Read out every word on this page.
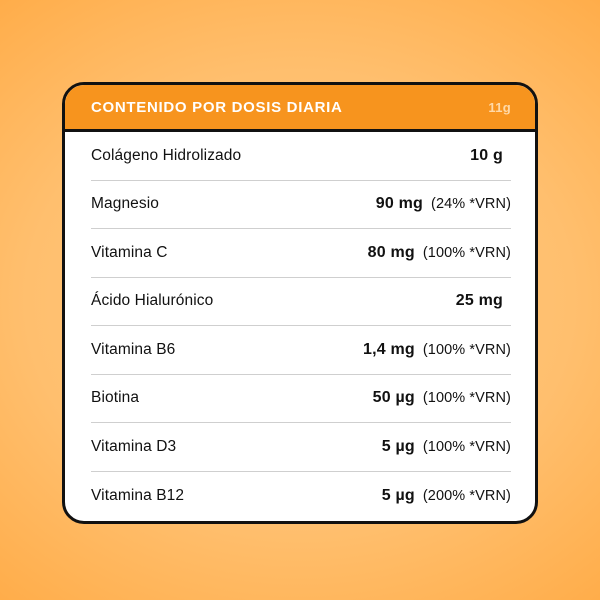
CONTENIDO POR DOSIS DIARIA	11g
Colágeno Hidrolizado	10 g
Magnesio	90 mg (24% *VRN)
Vitamina C	80 mg (100% *VRN)
Ácido Hialurónico	25 mg
Vitamina B6	1,4 mg (100% *VRN)
Biotina	50 µg (100% *VRN)
Vitamina D3	5 µg (100% *VRN)
Vitamina B12	5 µg (200% *VRN)
